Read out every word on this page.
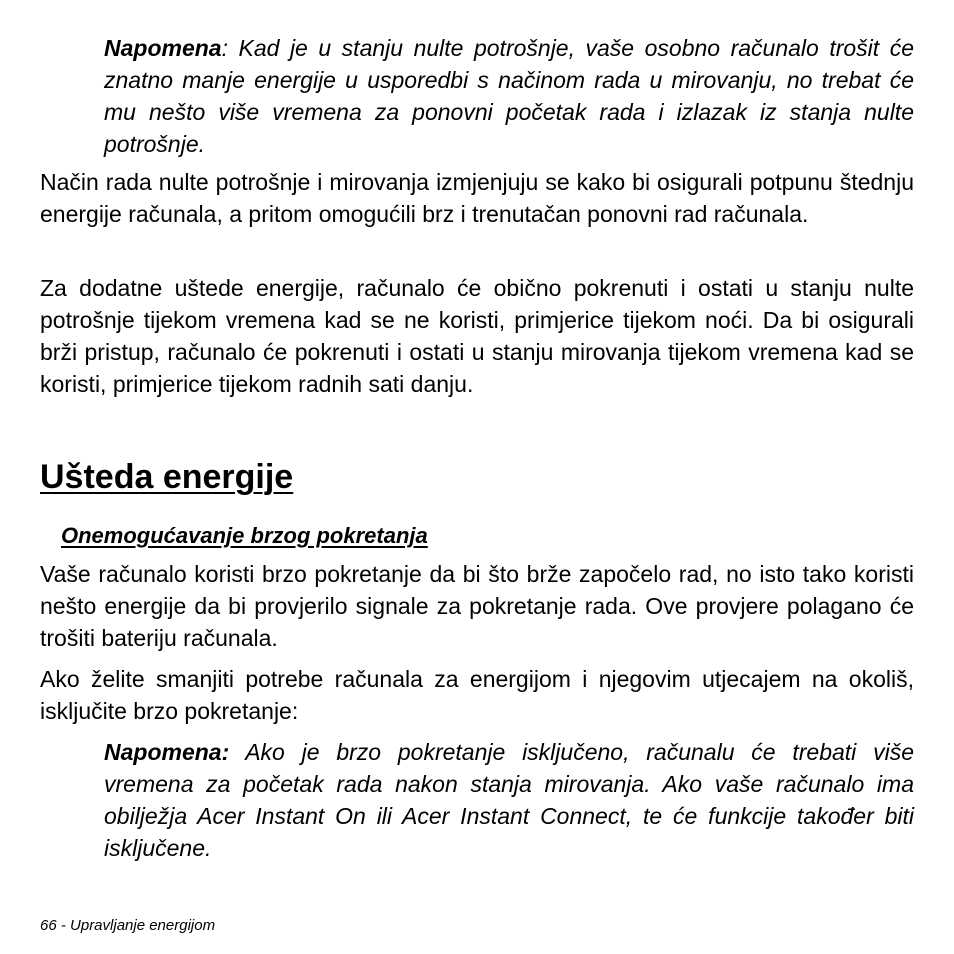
Napomena: Kad je u stanju nulte potrošnje, vaše osobno računalo trošit će znatno manje energije u usporedbi s načinom rada u mirovanju, no trebat će mu nešto više vremena za ponovni početak rada i izlazak iz stanja nulte potrošnje.

Način rada nulte potrošnje i mirovanja izmjenjuju se kako bi osigurali potpunu štednju energije računala, a pritom omogućili brz i trenutačan ponovni rad računala.

Za dodatne uštede energije, računalo će obično pokrenuti i ostati u stanju nulte potrošnje tijekom vremena kad se ne koristi, primjerice tijekom noći. Da bi osigurali brži pristup, računalo će pokrenuti i ostati u stanju mirovanja tijekom vremena kad se koristi, primjerice tijekom radnih sati danju.

Ušteda energije
Onemogućavanje brzog pokretanja

Vaše računalo koristi brzo pokretanje da bi što brže započelo rad, no isto tako koristi nešto energije da bi provjerilo signale za pokretanje rada. Ove provjere polagano će trošiti bateriju računala.

Ako želite smanjiti potrebe računala za energijom i njegovim utjecajem na okoliš, isključite brzo pokretanje:

Napomena: Ako je brzo pokretanje isključeno, računalu će trebati više vremena za početak rada nakon stanja mirovanja. Ako vaše računalo ima obilježja Acer Instant On ili Acer Instant Connect, te će funkcije također biti isključene.

66 - Upravljanje energijom
